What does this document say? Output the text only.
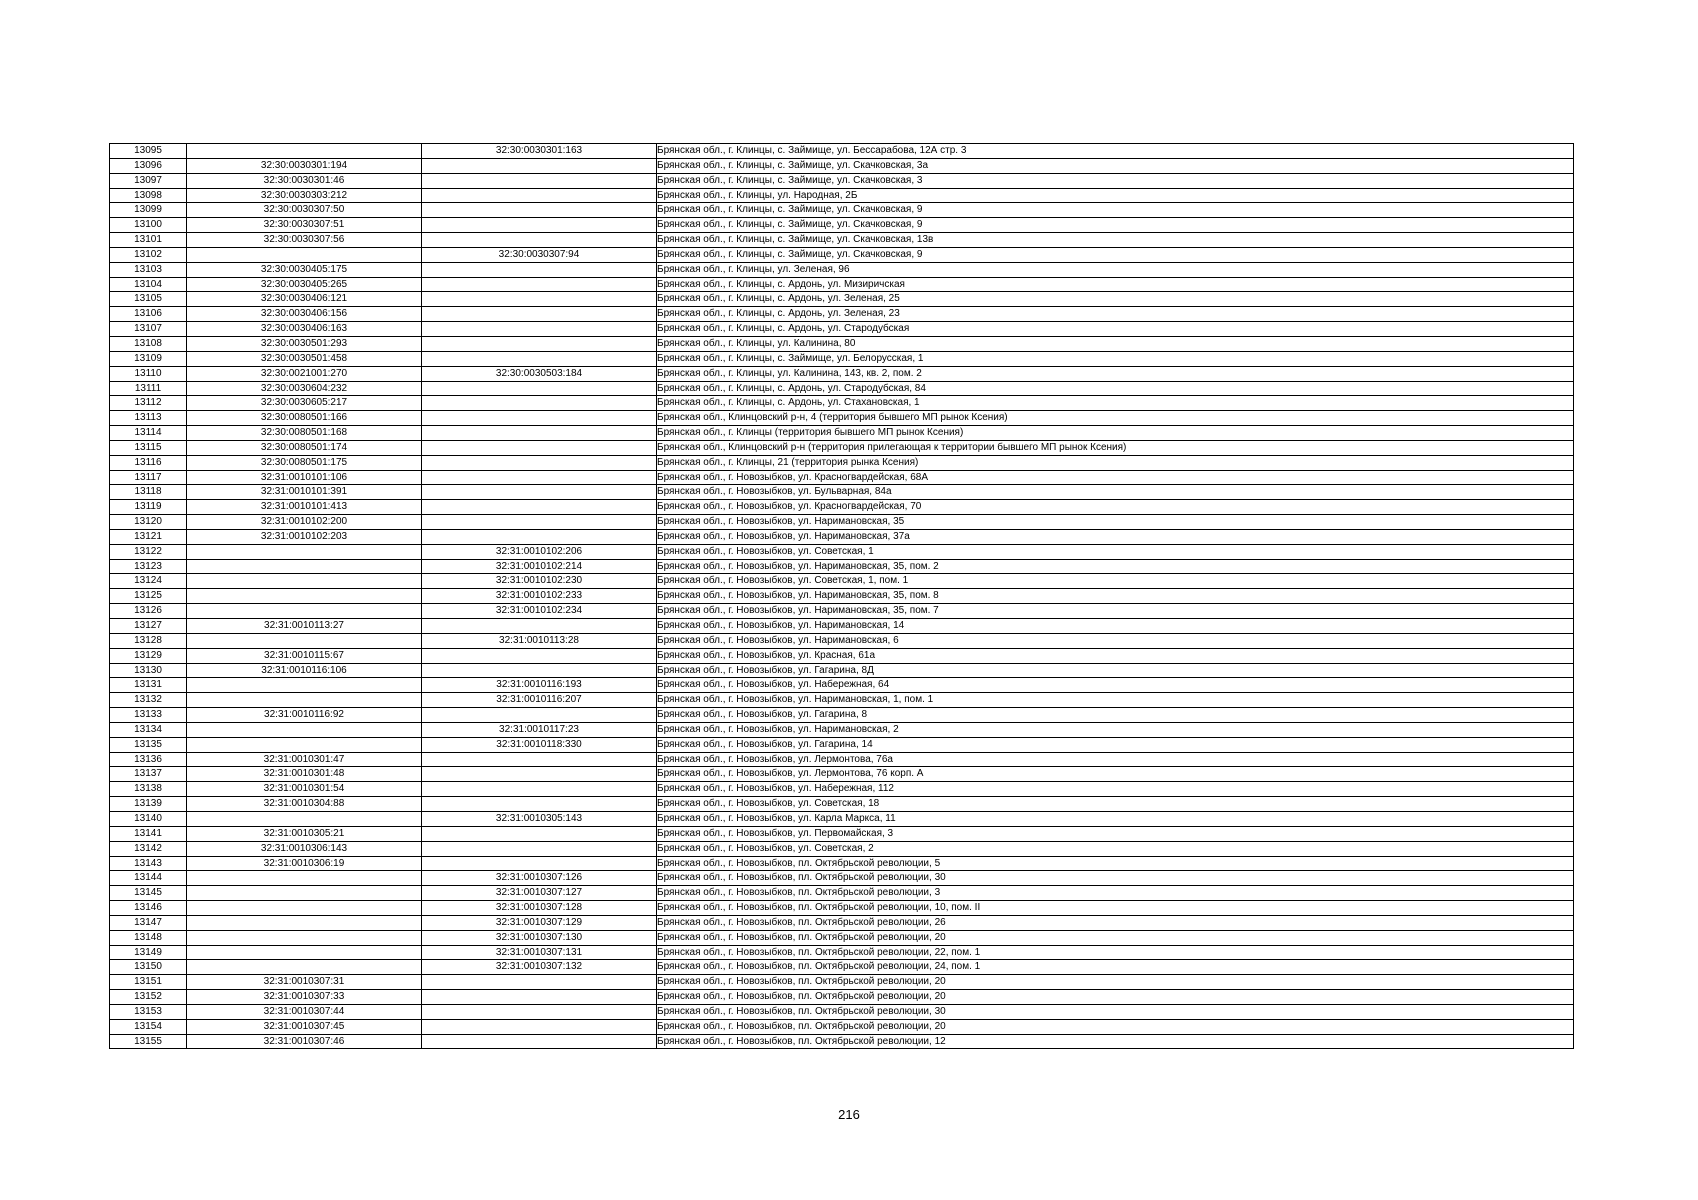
13095		32:30:0030301:163	Брянская обл., г. Клинцы, с. Займище, ул. Бессарабова, 12А стр. 3
13096	32:30:0030301:194		Брянская обл., г. Клинцы, с. Займище, ул. Скачковская, 3а
13097	32:30:0030301:46		Брянская обл., г. Клинцы, с. Займище, ул. Скачковская, 3
13098	32:30:0030303:212		Брянская обл., г. Клинцы, ул. Народная, 2Б
13099	32:30:0030307:50		Брянская обл., г. Клинцы, с. Займище, ул. Скачковская, 9
13100	32:30:0030307:51		Брянская обл., г. Клинцы, с. Займище, ул. Скачковская, 9
13101	32:30:0030307:56		Брянская обл., г. Клинцы, с. Займище, ул. Скачковская, 13в
13102		32:30:0030307:94	Брянская обл., г. Клинцы, с. Займище, ул. Скачковская, 9
13103	32:30:0030405:175		Брянская обл., г. Клинцы, ул. Зеленая, 96
13104	32:30:0030405:265		Брянская обл., г. Клинцы, с. Ардонь, ул. Мизиричская
13105	32:30:0030406:121		Брянская обл., г. Клинцы, с. Ардонь, ул. Зеленая, 25
13106	32:30:0030406:156		Брянская обл., г. Клинцы, с. Ардонь, ул. Зеленая, 23
13107	32:30:0030406:163		Брянская обл., г. Клинцы, с. Ардонь, ул. Стародубская
13108	32:30:0030501:293		Брянская обл., г. Клинцы, ул. Калинина, 80
13109	32:30:0030501:458		Брянская обл., г. Клинцы, с. Займище, ул. Белорусская, 1
13110	32:30:0021001:270	32:30:0030503:184	Брянская обл., г. Клинцы, ул. Калинина, 143, кв. 2, пом. 2
13111	32:30:0030604:232		Брянская обл., г. Клинцы, с. Ардонь, ул. Стародубская, 84
13112	32:30:0030605:217		Брянская обл., г. Клинцы, с. Ардонь, ул. Стахановская, 1
13113	32:30:0080501:166		Брянская обл., Клинцовский р-н, 4 (территория бывшего МП рынок Ксения)
13114	32:30:0080501:168		Брянская обл., г. Клинцы (территория бывшего МП рынок Ксения)
13115	32:30:0080501:174		Брянская обл., Клинцовский р-н (территория прилегающая к территории бывшего МП рынок Ксения)
13116	32:30:0080501:175		Брянская обл., г. Клинцы, 21 (территория рынка Ксения)
13117	32:31:0010101:106		Брянская обл., г. Новозыбков, ул. Красногвардейская, 68А
13118	32:31:0010101:391		Брянская обл., г. Новозыбков, ул. Бульварная, 84а
13119	32:31:0010101:413		Брянская обл., г. Новозыбков, ул. Красногвардейская, 70
13120	32:31:0010102:200		Брянская обл., г. Новозыбков, ул. Наримановская, 35
13121	32:31:0010102:203		Брянская обл., г. Новозыбков, ул. Наримановская, 37а
13122		32:31:0010102:206	Брянская обл., г. Новозыбков, ул. Советская, 1
13123		32:31:0010102:214	Брянская обл., г. Новозыбков, ул. Наримановская, 35, пом. 2
13124		32:31:0010102:230	Брянская обл., г. Новозыбков, ул. Советская, 1, пом. 1
13125		32:31:0010102:233	Брянская обл., г. Новозыбков, ул. Наримановская, 35, пом. 8
13126		32:31:0010102:234	Брянская обл., г. Новозыбков, ул. Наримановская, 35, пом. 7
13127	32:31:0010113:27		Брянская обл., г. Новозыбков, ул. Наримановская, 14
13128		32:31:0010113:28	Брянская обл., г. Новозыбков, ул. Наримановская, 6
13129	32:31:0010115:67		Брянская обл., г. Новозыбков, ул. Красная, 61а
13130	32:31:0010116:106		Брянская обл., г. Новозыбков, ул. Гагарина, 8Д
13131		32:31:0010116:193	Брянская обл., г. Новозыбков, ул. Набережная, 64
13132		32:31:0010116:207	Брянская обл., г. Новозыбков, ул. Наримановская, 1, пом. 1
13133	32:31:0010116:92		Брянская обл., г. Новозыбков, ул. Гагарина, 8
13134		32:31:0010117:23	Брянская обл., г. Новозыбков, ул. Наримановская, 2
13135		32:31:0010118:330	Брянская обл., г. Новозыбков, ул. Гагарина, 14
13136	32:31:0010301:47		Брянская обл., г. Новозыбков, ул. Лермонтова, 76а
13137	32:31:0010301:48		Брянская обл., г. Новозыбков, ул. Лермонтова, 76 корп. А
13138	32:31:0010301:54		Брянская обл., г. Новозыбков, ул. Набережная, 112
13139	32:31:0010304:88		Брянская обл., г. Новозыбков, ул. Советская, 18
13140		32:31:0010305:143	Брянская обл., г. Новозыбков, ул. Карла Маркса, 11
13141	32:31:0010305:21		Брянская обл., г. Новозыбков, ул. Первомайская, 3
13142	32:31:0010306:143		Брянская обл., г. Новозыбков, ул. Советская, 2
13143	32:31:0010306:19		Брянская обл., г. Новозыбков, пл. Октябрьской революции, 5
13144		32:31:0010307:126	Брянская обл., г. Новозыбков, пл. Октябрьской революции, 30
13145		32:31:0010307:127	Брянская обл., г. Новозыбков, пл. Октябрьской революции, 3
13146		32:31:0010307:128	Брянская обл., г. Новозыбков, пл. Октябрьской революции, 10, пом. II
13147		32:31:0010307:129	Брянская обл., г. Новозыбков, пл. Октябрьской революции, 26
13148		32:31:0010307:130	Брянская обл., г. Новозыбков, пл. Октябрьской революции, 20
13149		32:31:0010307:131	Брянская обл., г. Новозыбков, пл. Октябрьской революции, 22, пом. 1
13150		32:31:0010307:132	Брянская обл., г. Новозыбков, пл. Октябрьской революции, 24, пом. 1
13151	32:31:0010307:31		Брянская обл., г. Новозыбков, пл. Октябрьской революции, 20
13152	32:31:0010307:33		Брянская обл., г. Новозыбков, пл. Октябрьской революции, 20
13153	32:31:0010307:44		Брянская обл., г. Новозыбков, пл. Октябрьской революции, 30
13154	32:31:0010307:45		Брянская обл., г. Новозыбков, пл. Октябрьской революции, 20
13155	32:31:0010307:46		Брянская обл., г. Новозыбков, пл. Октябрьской революции, 12
216
